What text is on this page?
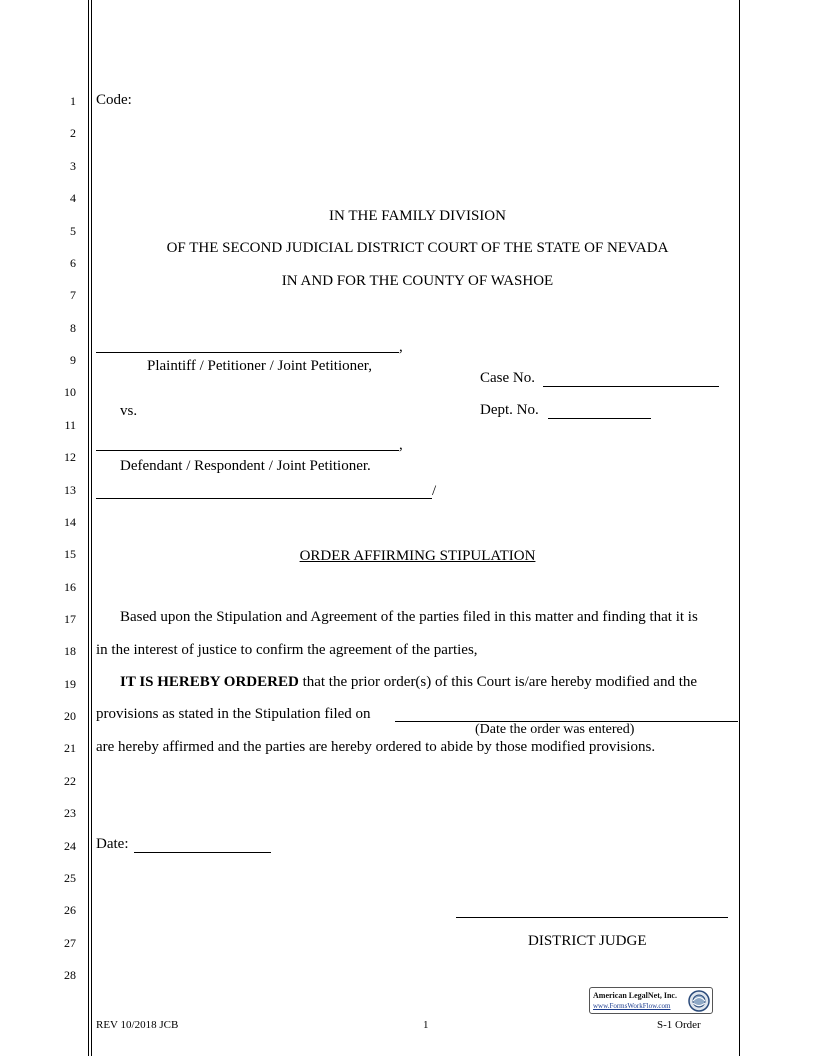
1
2
3
4
5
6
7
8
9
10
11
12
13
14
15
16
17
18
19
20
21
22
23
24
25
26
27
28
Code:
IN THE FAMILY DIVISION
OF THE SECOND JUDICIAL DISTRICT COURT OF THE STATE OF NEVADA
IN AND FOR THE COUNTY OF WASHOE
,
Plaintiff / Petitioner / Joint Petitioner,
vs.
,
Defendant / Respondent / Joint Petitioner.
/
Case No.
Dept. No.
ORDER AFFIRMING STIPULATION
Based upon the Stipulation and Agreement of the parties filed in this matter and finding that it is
in the interest of justice to confirm the agreement of the parties,
IT IS HEREBY ORDERED that the prior order(s) of this Court is/are hereby modified and the
provisions as stated in the Stipulation filed on
(Date the order was entered)
are hereby affirmed and the parties are hereby ordered to abide by those modified provisions.
Date:
DISTRICT JUDGE
American LegalNet, Inc.
www.FormsWorkFlow.com
REV 10/2018 JCB	1	S-1 Order
